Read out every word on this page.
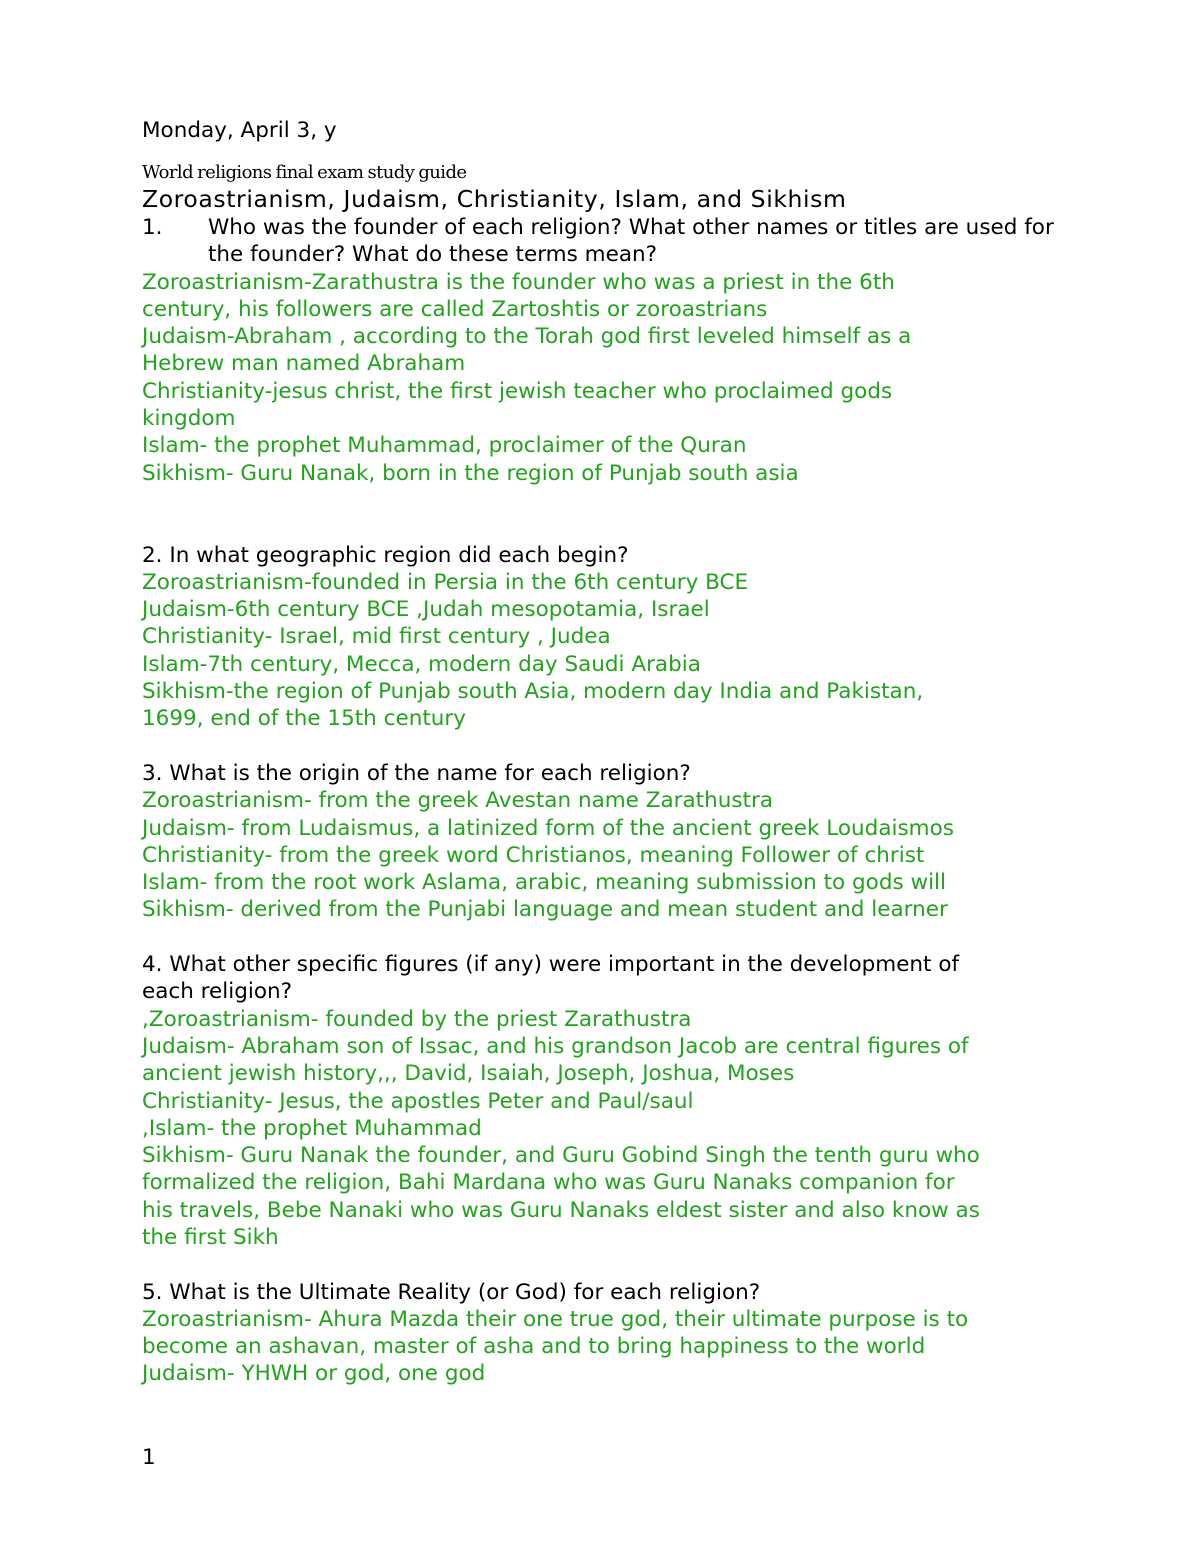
Monday, April 3, y
World religions final exam study guide
Zoroastrianism, Judaism, Christianity, Islam, and Sikhism
1. Who was the founder of each religion? What other names or titles are used for the founder? What do these terms mean?
Zoroastrianism-Zarathustra is the founder who was a priest in the 6th
century, his followers are called Zartoshtis or zoroastrians
Judaism-Abraham , according to the Torah god first leveled himself as a
Hebrew man named Abraham
Christianity-jesus christ, the first jewish teacher who proclaimed gods
kingdom
Islam- the prophet Muhammad, proclaimer of the Quran
Sikhism- Guru Nanak, born in the region of Punjab south asia
2. In what geographic region did each begin?
Zoroastrianism-founded in Persia in the 6th century BCE
Judaism-6th century BCE ,Judah mesopotamia, Israel
Christianity- Israel, mid first century , Judea
Islam-7th century, Mecca, modern day Saudi Arabia
Sikhism-the region of Punjab south Asia, modern day India and Pakistan,
1699, end of the 15th century
3. What is the origin of the name for each religion?
Zoroastrianism- from the greek Avestan name Zarathustra
Judaism- from Ludaismus, a latinized form of the ancient greek Loudaismos
Christianity- from the greek word Christianos, meaning Follower of christ
Islam- from the root work Aslama, arabic, meaning submission to gods will
Sikhism- derived from the Punjabi language and mean student and learner
4. What other specific figures (if any) were important in the development of
each religion?
,Zoroastrianism- founded by the priest Zarathustra
Judaism- Abraham son of Issac, and his grandson Jacob are central figures of
ancient jewish history,,, David, Isaiah, Joseph, Joshua, Moses
Christianity- Jesus, the apostles Peter and Paul/saul
,Islam- the prophet Muhammad
Sikhism- Guru Nanak the founder, and Guru Gobind Singh the tenth guru who
formalized the religion, Bahi Mardana who was Guru Nanaks companion for
his travels, Bebe Nanaki who was Guru Nanaks eldest sister and also know as
the first Sikh
5. What is the Ultimate Reality (or God) for each religion?
Zoroastrianism- Ahura Mazda their one true god, their ultimate purpose is to
become an ashavan, master of asha and to bring happiness to the world
Judaism- YHWH or god, one god
1
